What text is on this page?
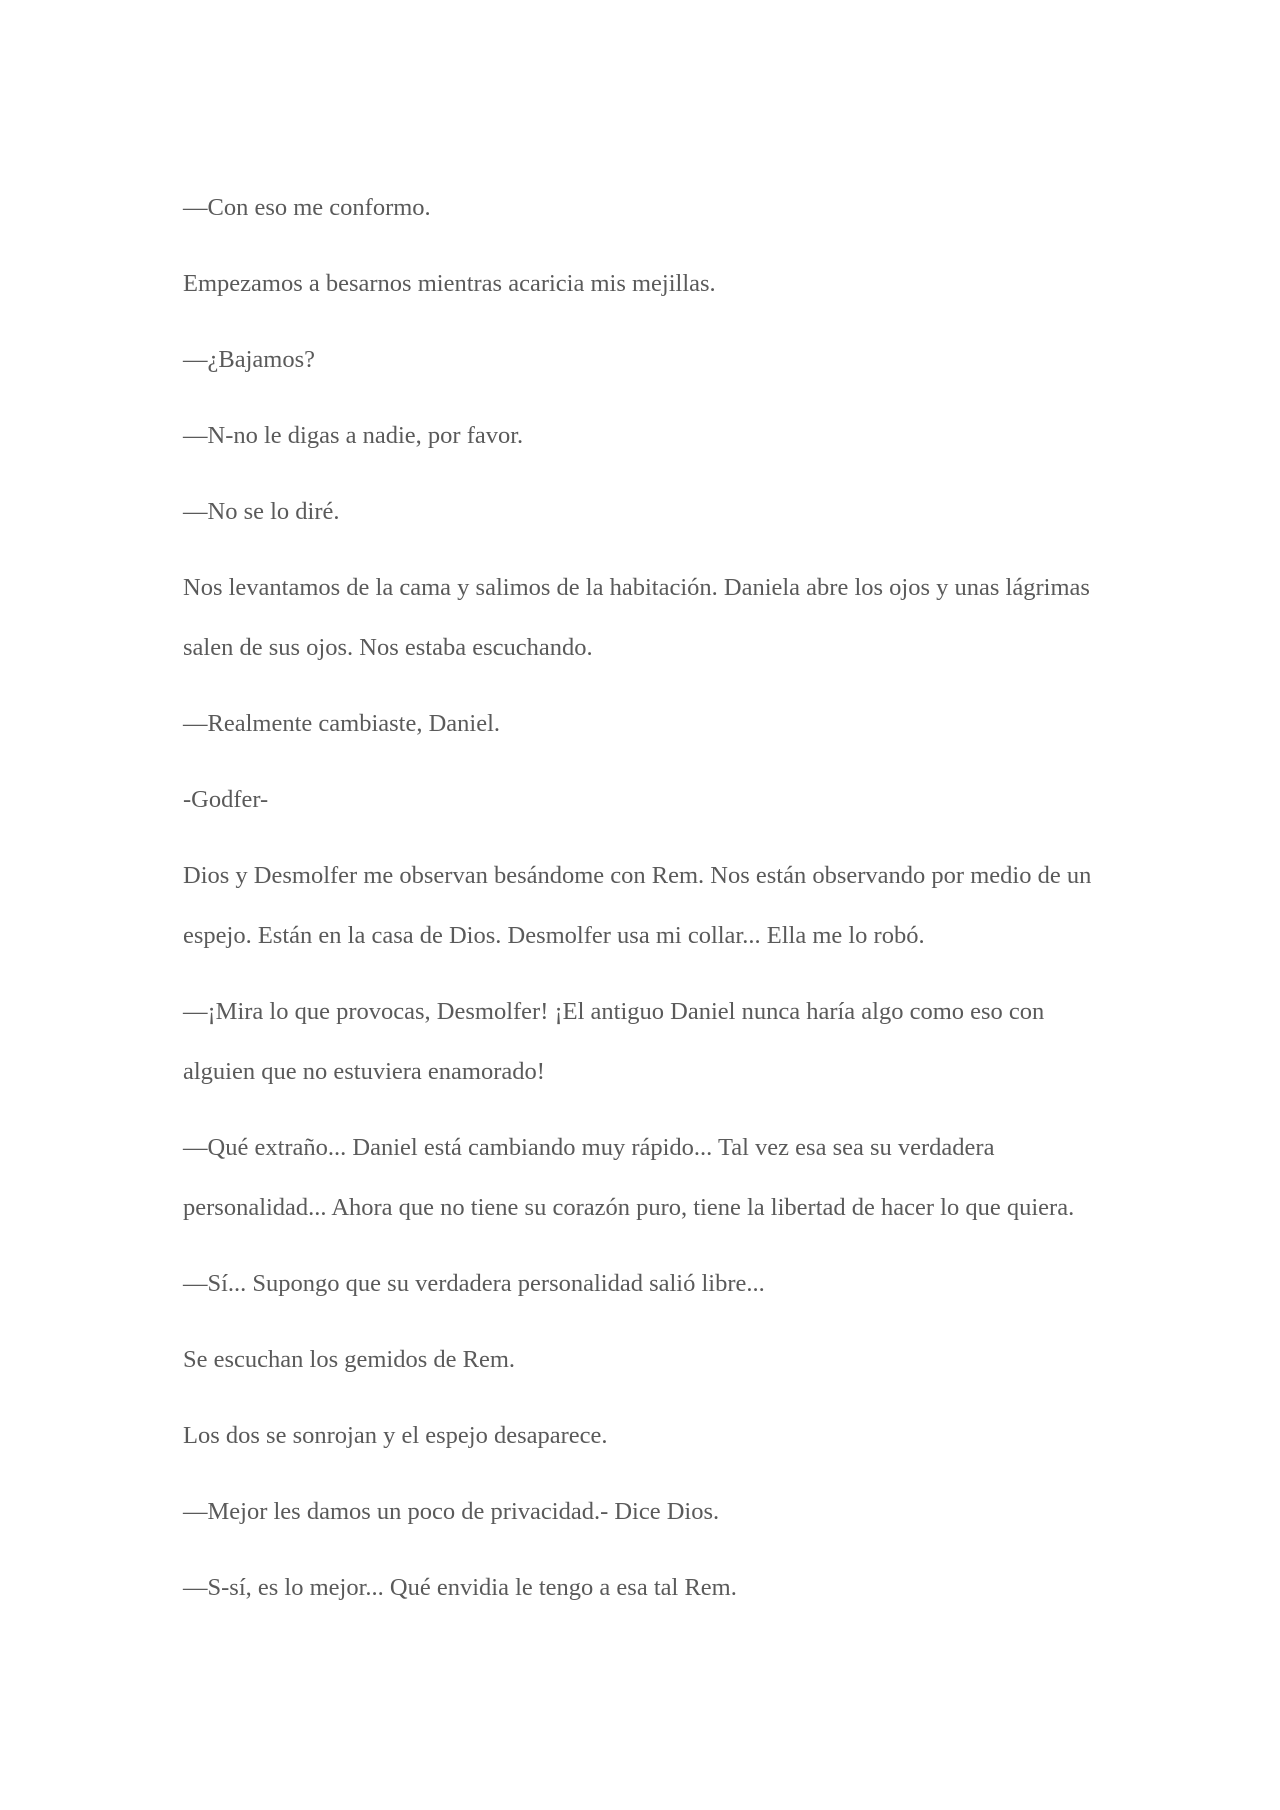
—Con eso me conformo.

Empezamos a besarnos mientras acaricia mis mejillas.

—¿Bajamos?

—N-no le digas a nadie, por favor.

—No se lo diré.

Nos levantamos de la cama y salimos de la habitación. Daniela abre los ojos y unas lágrimas salen de sus ojos. Nos estaba escuchando.

—Realmente cambiaste, Daniel.

-Godfer-

Dios y Desmolfer me observan besándome con Rem. Nos están observando por medio de un espejo. Están en la casa de Dios. Desmolfer usa mi collar... Ella me lo robó.

—¡Mira lo que provocas, Desmolfer! ¡El antiguo Daniel nunca haría algo como eso con alguien que no estuviera enamorado!

—Qué extraño... Daniel está cambiando muy rápido... Tal vez esa sea su verdadera personalidad... Ahora que no tiene su corazón puro, tiene la libertad de hacer lo que quiera.

—Sí... Supongo que su verdadera personalidad salió libre...

Se escuchan los gemidos de Rem.

Los dos se sonrojan y el espejo desaparece.

—Mejor les damos un poco de privacidad.- Dice Dios.

—S-sí, es lo mejor... Qué envidia le tengo a esa tal Rem.
